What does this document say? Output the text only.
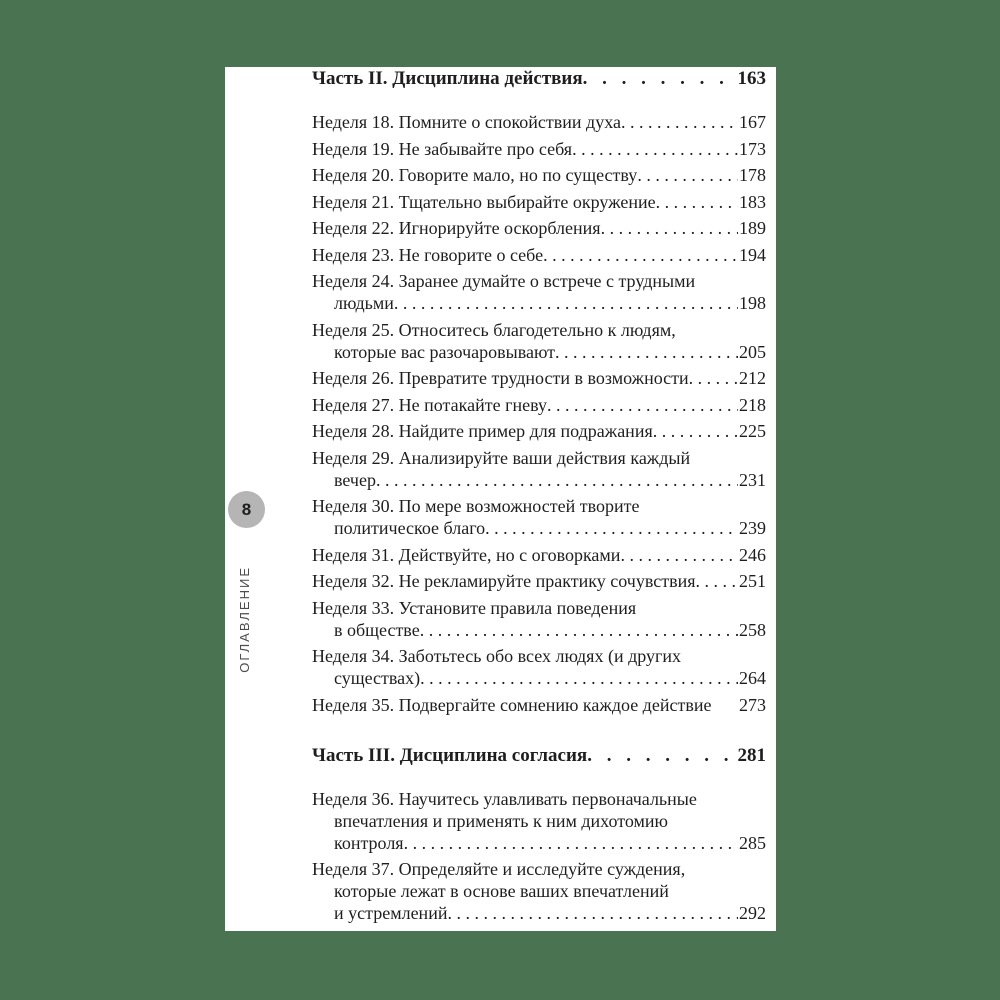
8
ОГЛАВЛЕНИЕ
Часть II. Дисциплина действия . . .	163
Неделя 18. Помните о спокойствии духа . . .	167
Неделя 19. Не забывайте про себя . . .	173
Неделя 20. Говорите мало, но по существу . . .	178
Неделя 21. Тщательно выбирайте окружение . . .	183
Неделя 22. Игнорируйте оскорбления . . .	189
Неделя 23. Не говорите о себе . . .	194
Неделя 24. Заранее думайте о встрече с трудными
людьми . . .	198
Неделя 25. Относитесь благодетельно к людям,
которые вас разочаровывают . . .	205
Неделя 26. Превратите трудности в возможности . . .	212
Неделя 27. Не потакайте гневу . . .	218
Неделя 28. Найдите пример для подражания . . .	225
Неделя 29. Анализируйте ваши действия каждый
вечер . . .	231
Неделя 30. По мере возможностей творите
политическое благо . . .	239
Неделя 31. Действуйте, но с оговорками . . .	246
Неделя 32. Не рекламируйте практику сочувствия . . . 251
Неделя 33. Установите правила поведения
в обществе . . .	258
Неделя 34. Заботьтесь обо всех людях (и других
существах) . . .	264
Неделя 35. Подвергайте сомнению каждое действие 273
Часть III. Дисциплина согласия . . .	281
Неделя 36. Научитесь улавливать первоначальные
впечатления и применять к ним дихотомию
контроля . . .	285
Неделя 37. Определяйте и исследуйте суждения,
которые лежат в основе ваших впечатлений
и устремлений . . .	292
